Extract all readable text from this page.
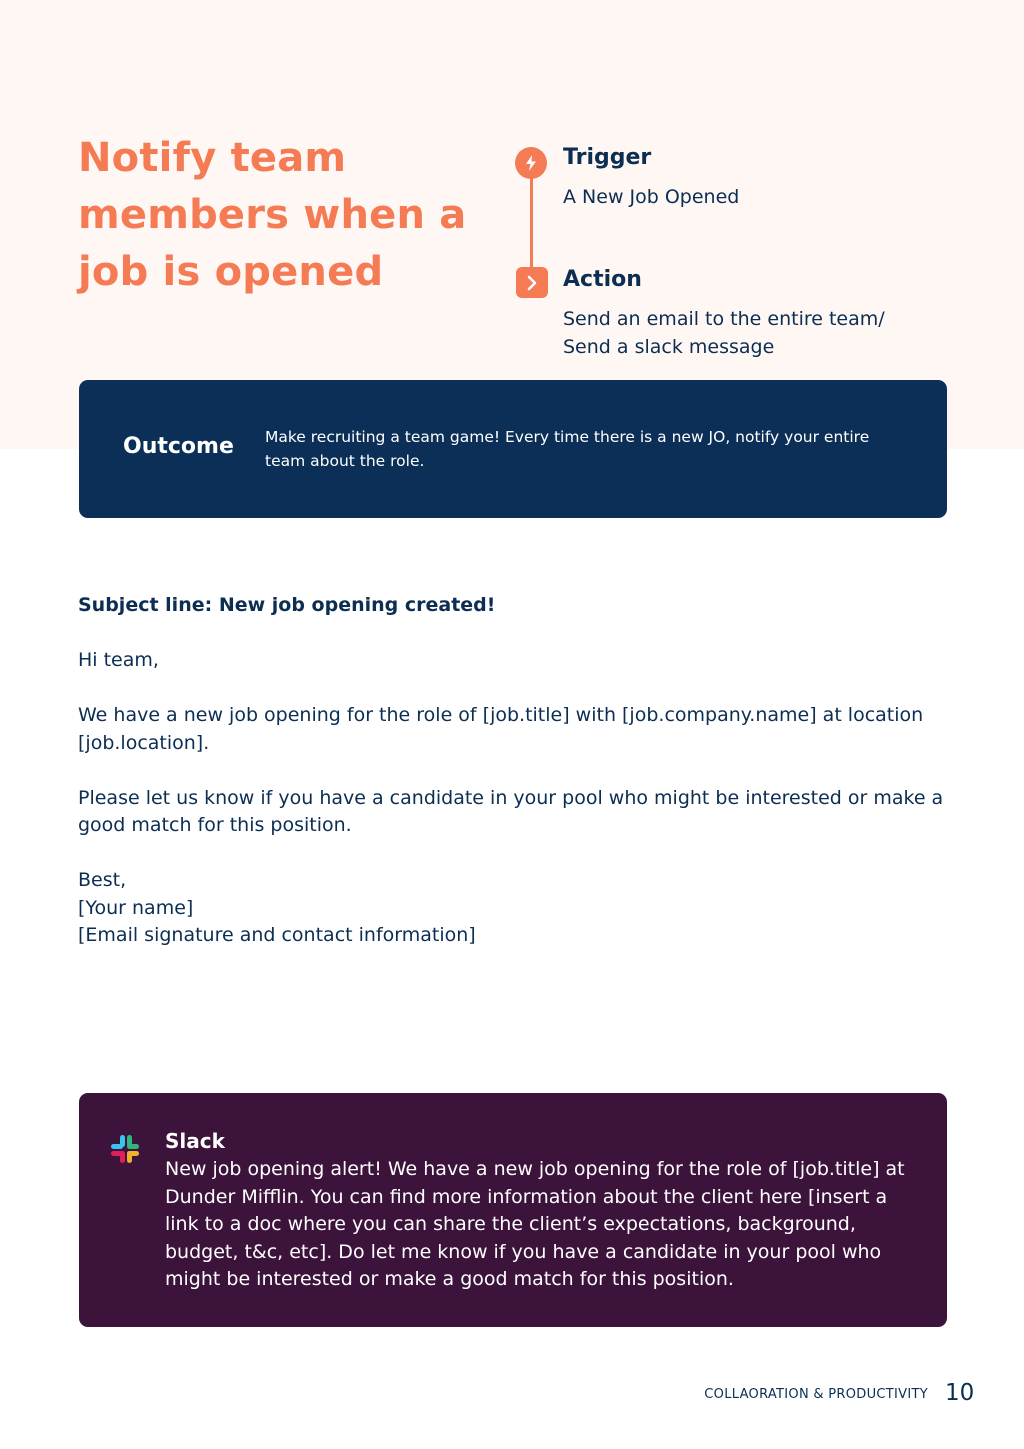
Notify team members when a job is opened
Trigger

A New Job Opened

Action

Send an email to the entire team/
Send a slack message

Outcome Make recruiting a team game! Every time there is a new JO, notify your entire team about the role.

Subject line: New job opening created!

Hi team,

We have a new job opening for the role of [job.title] with [job.company.name] at location [job.location].

Please let us know if you have a candidate in your pool who might be interested or make a good match for this position.

Best,
[Your name]
[Email signature and contact information]

Slack

New job opening alert! We have a new job opening for the role of [job.title] at Dunder Mifflin. You can find more information about the client here [insert a link to a doc where you can share the client’s expectations, background, budget, t&c, etc]. Do let me know if you have a candidate in your pool who might be interested or make a good match for this position.

COLLAORATION & PRODUCTIVITY 10
